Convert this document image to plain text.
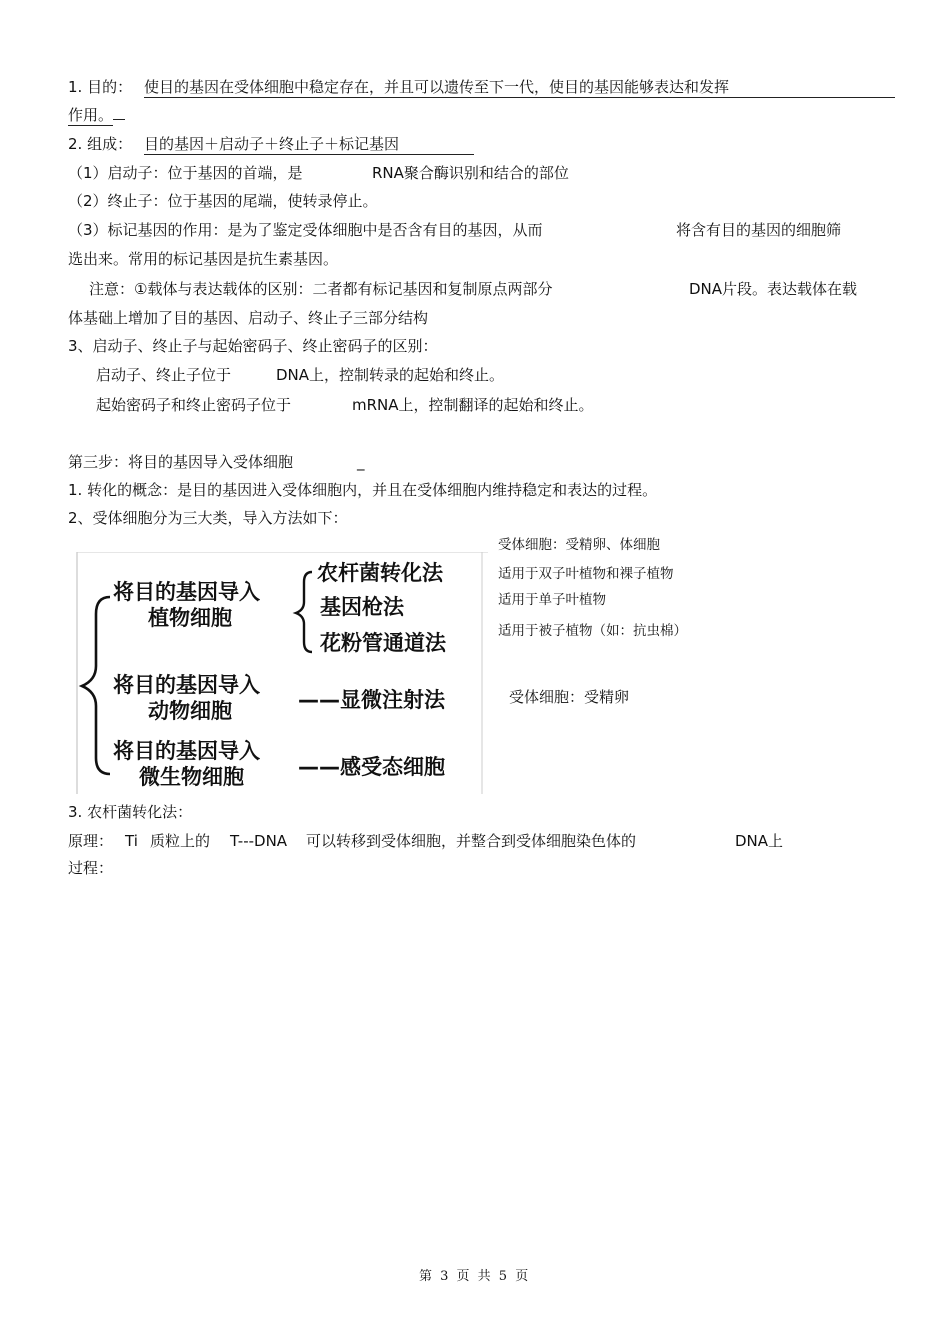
1. 目的： 使目的基因在受体细胞中稳定存在，并且可以遗传至下一代，使目的基因能够表达和发挥
作用。
2. 组成： 目的基因＋启动子＋终止子＋标记基因
（1）启动子：位于基因的首端，是	RNA聚合酶识别和结合的部位
（2）终止子：位于基因的尾端，使转录停止。
（3）标记基因的作用：是为了鉴定受体细胞中是否含有目的基因，从而	将含有目的基因的细胞筛
选出来。常用的标记基因是抗生素基因。
注意：①载体与表达载体的区别：二者都有标记基因和复制原点两部分	DNA片段。表达载体在载
体基础上增加了目的基因、启动子、终止子三部分结构
3、启动子、终止子与起始密码子、终止密码子的区别：
启动子、终止子位于	DNA上，控制转录的起始和终止。
起始密码子和终止密码子位于	mRNA上，控制翻译的起始和终止。
第三步：将目的基因导入受体细胞	_
1. 转化的概念：是目的基因进入受体细胞内，并且在受体细胞内维持稳定和表达的过程。
2、受体细胞分为三大类，导入方法如下：
将目的基因导入
植物细胞
农杆菌转化法
基因枪法
花粉管通道法
将目的基因导入
动物细胞	——显微注射法
将目的基因导入
微生物细胞	——感受态细胞
受体细胞：受精卵、体细胞
适用于双子叶植物和裸子植物
适用于单子叶植物
适用于被子植物（如：抗虫棉）
受体细胞：受精卵
3. 农杆菌转化法：
原理： Ti 质粒上的 T---DNA 可以转移到受体细胞，并整合到受体细胞染色体的	DNA上
过程：
第 3 页 共 5 页
